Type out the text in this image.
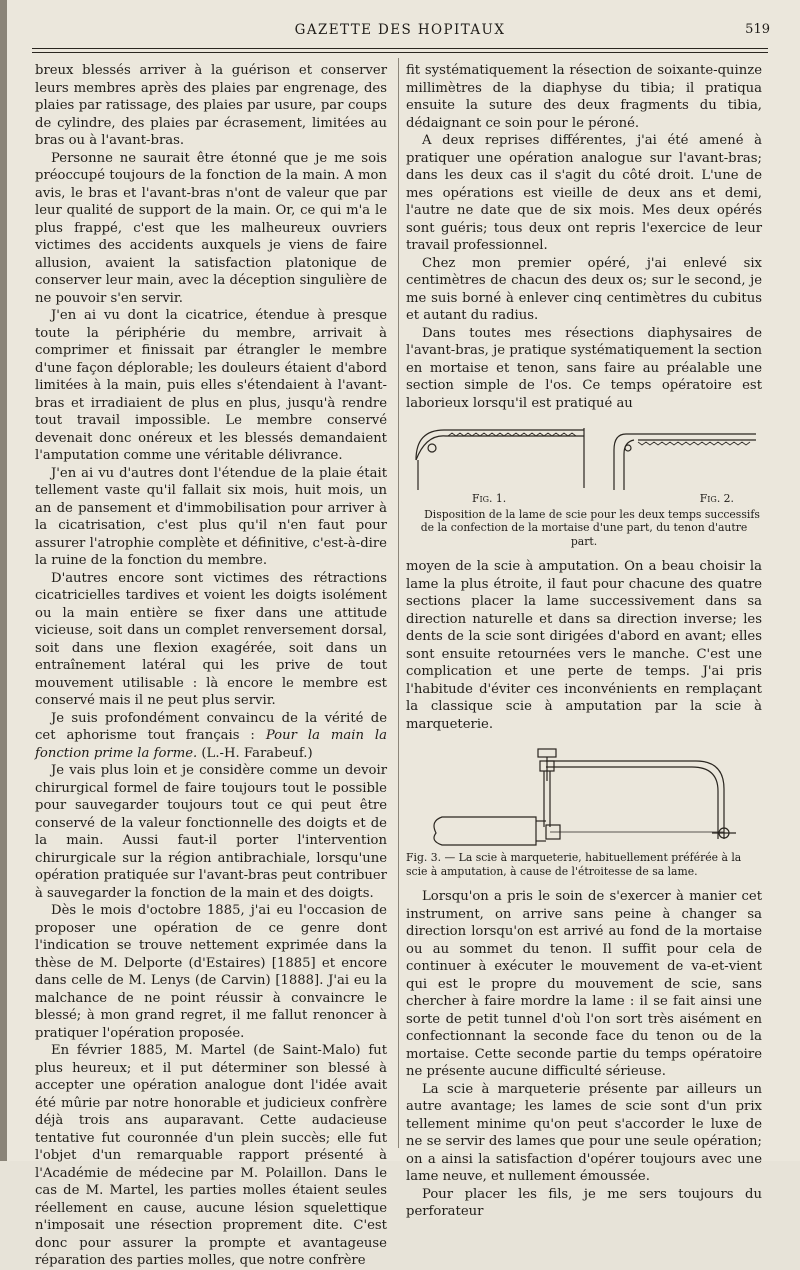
GAZETTE DES HOPITAUX	519

breux blessés arriver à la guérison et conserver leurs membres après des plaies par engrenage, des plaies par ratissage, des plaies par usure, par coups de cylindre, des plaies par écrasement, limitées au bras ou à l'avant-bras.

Personne ne saurait être étonné que je me sois préoccupé toujours de la fonction de la main. A mon avis, le bras et l'avant-bras n'ont de valeur que par leur qualité de support de la main. Or, ce qui m'a le plus frappé, c'est que les malheureux ouvriers victimes des accidents auxquels je viens de faire allusion, avaient la satisfaction platonique de conserver leur main, avec la déception singulière de ne pouvoir s'en servir.

J'en ai vu dont la cicatrice, étendue à presque toute la périphérie du membre, arrivait à comprimer et finissait par étrangler le membre d'une façon déplorable; les douleurs étaient d'abord limitées à la main, puis elles s'étendaient à l'avant-bras et irradiaient de plus en plus, jusqu'à rendre tout travail impossible. Le membre conservé devenait donc onéreux et les blessés demandaient l'amputation comme une véritable délivrance.

J'en ai vu d'autres dont l'étendue de la plaie était tellement vaste qu'il fallait six mois, huit mois, un an de pansement et d'immobilisation pour arriver à la cicatrisation, c'est plus qu'il n'en faut pour assurer l'atrophie complète et définitive, c'est-à-dire la ruine de la fonction du membre.

D'autres encore sont victimes des rétractions cicatricielles tardives et voient les doigts isolément ou la main entière se fixer dans une attitude vicieuse, soit dans un complet renversement dorsal, soit dans une flexion exagérée, soit dans un entraînement latéral qui les prive de tout mouvement utilisable : là encore le membre est conservé mais il ne peut plus servir.

Je suis profondément convaincu de la vérité de cet aphorisme tout français : Pour la main la fonction prime la forme. (L.-H. Farabeuf.)

Je vais plus loin et je considère comme un devoir chirurgical formel de faire toujours tout le possible pour sauvegarder toujours tout ce qui peut être conservé de la valeur fonctionnelle des doigts et de la main. Aussi faut-il porter l'intervention chirurgicale sur la région antibrachiale, lorsqu'une opération pratiquée sur l'avant-bras peut contribuer à sauvegarder la fonction de la main et des doigts.

Dès le mois d'octobre 1885, j'ai eu l'occasion de proposer une opération de ce genre dont l'indication se trouve nettement exprimée dans la thèse de M. Delporte (d'Estaires) [1885] et encore dans celle de M. Lenys (de Carvin) [1888]. J'ai eu la malchance de ne point réussir à convaincre le blessé; à mon grand regret, il me fallut renoncer à pratiquer l'opération proposée.

En février 1885, M. Martel (de Saint-Malo) fut plus heureux; et il put déterminer son blessé à accepter une opération analogue dont l'idée avait été mûrie par notre honorable et judicieux confrère déjà trois ans auparavant. Cette audacieuse tentative fut couronnée d'un plein succès; elle fut l'objet d'un remarquable rapport présenté à l'Académie de médecine par M. Polaillon. Dans le cas de M. Martel, les parties molles étaient seules réellement en cause, aucune lésion squelettique n'imposait une résection proprement dite. C'est donc pour assurer la prompte et avantageuse réparation des parties molles, que notre confrère

fit systématiquement la résection de soixante-quinze millimètres de la diaphyse du tibia; il pratiqua ensuite la suture des deux fragments du tibia, dédaignant ce soin pour le péroné.

A deux reprises différentes, j'ai été amené à pratiquer une opération analogue sur l'avant-bras; dans les deux cas il s'agit du côté droit. L'une de mes opérations est vieille de deux ans et demi, l'autre ne date que de six mois. Mes deux opérés sont guéris; tous deux ont repris l'exercice de leur travail professionnel.

Chez mon premier opéré, j'ai enlevé six centimètres de chacun des deux os; sur le second, je me suis borné à enlever cinq centimètres du cubitus et autant du radius.

Dans toutes mes résections diaphysaires de l'avant-bras, je pratique systématiquement la section en mortaise et tenon, sans faire au préalable une section simple de l'os. Ce temps opératoire est laborieux lorsqu'il est pratiqué au

Fig. 1.	Fig. 2.

Disposition de la lame de scie pour les deux temps successifs de la confection de la mortaise d'une part, du tenon d'autre part.

moyen de la scie à amputation. On a beau choisir la lame la plus étroite, il faut pour chacune des quatre sections placer la lame successivement dans sa direction naturelle et dans sa direction inverse; les dents de la scie sont dirigées d'abord en avant; elles sont ensuite retournées vers le manche. C'est une complication et une perte de temps. J'ai pris l'habitude d'éviter ces inconvénients en remplaçant la classique scie à amputation par la scie à marqueterie.

Fig. 3. — La scie à marqueterie, habituellement préférée à la scie à amputation, à cause de l'étroitesse de sa lame.

Lorsqu'on a pris le soin de s'exercer à manier cet instrument, on arrive sans peine à changer sa direction lorsqu'on est arrivé au fond de la mortaise ou au sommet du tenon. Il suffit pour cela de continuer à exécuter le mouvement de va-et-vient qui est le propre du mouvement de scie, sans chercher à faire mordre la lame : il se fait ainsi une sorte de petit tunnel d'où l'on sort très aisément en confectionnant la seconde face du tenon ou de la mortaise. Cette seconde partie du temps opératoire ne présente aucune difficulté sérieuse.

La scie à marqueterie présente par ailleurs un autre avantage; les lames de scie sont d'un prix tellement minime qu'on peut s'accorder le luxe de ne se servir des lames que pour une seule opération; on a ainsi la satisfaction d'opérer toujours avec une lame neuve, et nullement émoussée.

Pour placer les fils, je me sers toujours du perforateur
